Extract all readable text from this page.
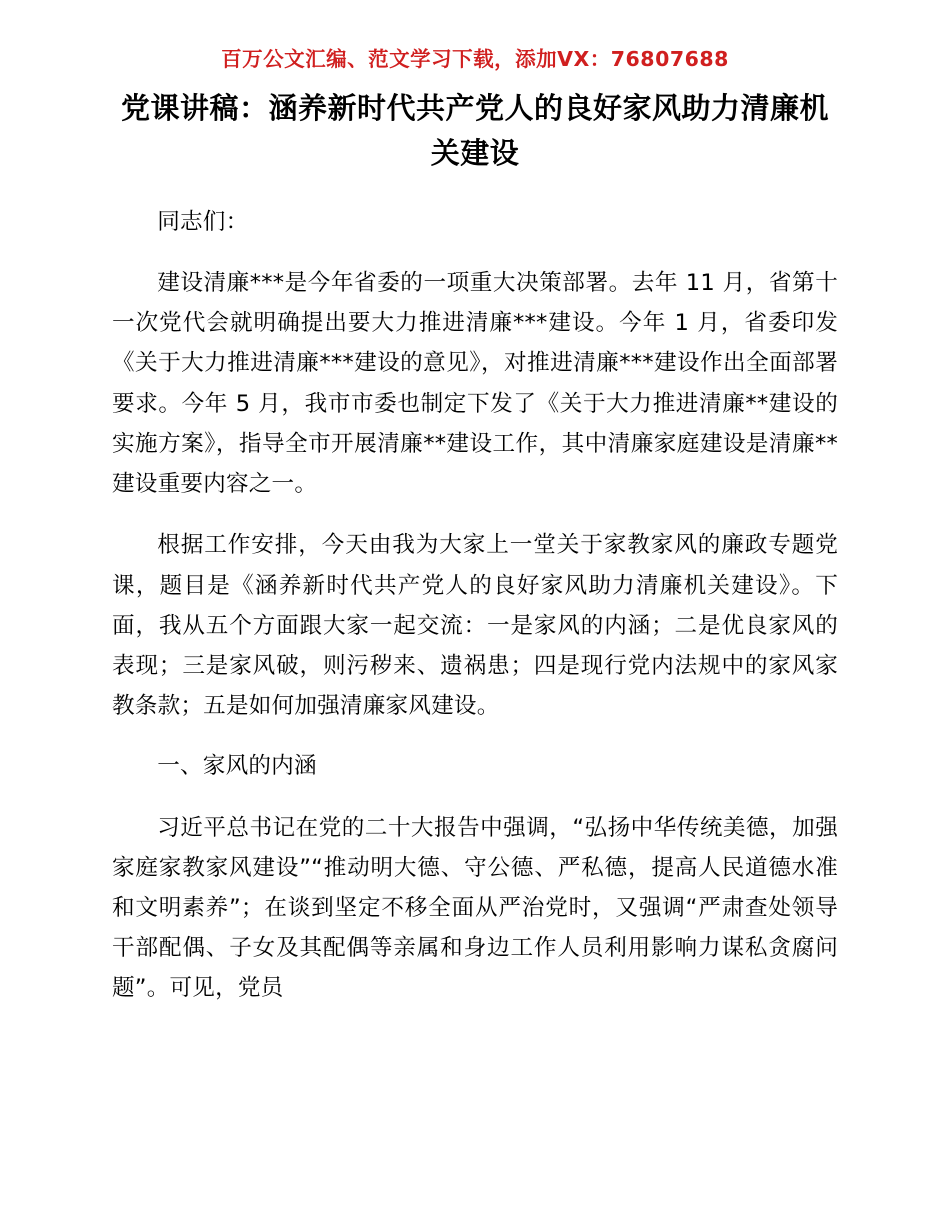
百万公文汇编、范文学习下载，添加VX：76807688
党课讲稿：涵养新时代共产党人的良好家风助力清廉机关建设

同志们：

建设清廉***是今年省委的一项重大决策部署。去年 11 月，省第十一次党代会就明确提出要大力推进清廉***建设。今年 1 月，省委印发《关于大力推进清廉***建设的意见》，对推进清廉***建设作出全面部署要求。今年 5 月，我市市委也制定下发了《关于大力推进清廉**建设的实施方案》，指导全市开展清廉**建设工作，其中清廉家庭建设是清廉**建设重要内容之一。

根据工作安排，今天由我为大家上一堂关于家教家风的廉政专题党课，题目是《涵养新时代共产党人的良好家风助力清廉机关建设》。下面，我从五个方面跟大家一起交流：一是家风的内涵；二是优良家风的表现；三是家风破，则污秽来、遗祸患；四是现行党内法规中的家风家教条款；五是如何加强清廉家风建设。

一、家风的内涵

习近平总书记在党的二十大报告中强调，“弘扬中华传统美德，加强家庭家教家风建设”“推动明大德、守公德、严私德，提高人民道德水准和文明素养”；在谈到坚定不移全面从严治党时，又强调“严肃查处领导干部配偶、子女及其配偶等亲属和身边工作人员利用影响力谋私贪腐问题”。可见，党员
